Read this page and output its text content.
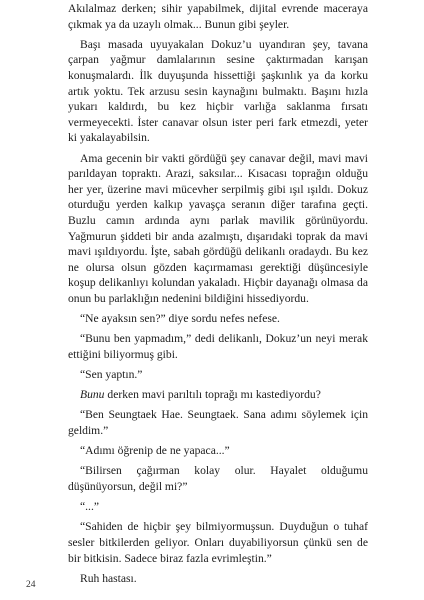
Akılalmaz derken; sihir yapabilmek, dijital evrende maceraya çıkmak ya da uzaylı olmak... Bunun gibi şeyler.

Başı masada uyuyakalan Dokuz’u uyandıran şey, tavana çarpan yağmur damlalarının sesine çaktırmadan karışan konuşmalardı. İlk duyuşunda hissettiği şaşkınlık ya da korku artık yoktu. Tek arzusu sesin kaynağını bulmaktı. Başını hızla yukarı kaldırdı, bu kez hiçbir varlığa saklanma fırsatı vermeyecekti. İster canavar olsun ister peri fark etmezdi, yeter ki yakalayabilsin.

Ama gecenin bir vakti gördüğü şey canavar değil, mavi mavi parıldayan topraktı. Arazi, saksılar... Kısacası toprağın olduğu her yer, üzerine mavi mücevher serpilmiş gibi ışıl ışıldı. Dokuz oturduğu yerden kalkıp yavaşça seranın diğer tarafına geçti. Buzlu camın ardında aynı parlak mavilik görünüyordu. Yağmurun şiddeti bir anda azalmıştı, dışarıdaki toprak da mavi mavi ışıldıyordu. İşte, sabah gördüğü delikanlı oradaydı. Bu kez ne olursa olsun gözden kaçırmaması gerektiği düşüncesiyle koşup delikanlıyı kolundan yakaladı. Hiçbir dayanağı olmasa da onun bu parlaklığın nedenini bildiğini hissediyordu.

“Ne ayaksın sen?” diye sordu nefes nefese.

“Bunu ben yapmadım,” dedi delikanlı, Dokuz’un neyi merak ettiğini biliyormuş gibi.

“Sen yaptın.”

Bunu derken mavi parıltılı toprağı mı kastediyordu?

“Ben Seungtaek Hae. Seungtaek. Sana adımı söylemek için geldim.”

“Adımı öğrenip de ne yapaca...”

“Bilirsen çağırman kolay olur. Hayalet olduğumu düşünüyorsun, değil mi?”

“...”

“Sahiden de hiçbir şey bilmiyormuşsun. Duyduğun o tuhaf sesler bitkilerden geliyor. Onları duyabiliyorsun çünkü sen de bir bitkisin. Sadece biraz fazla evrimleştin.”

Ruh hastası.

24
